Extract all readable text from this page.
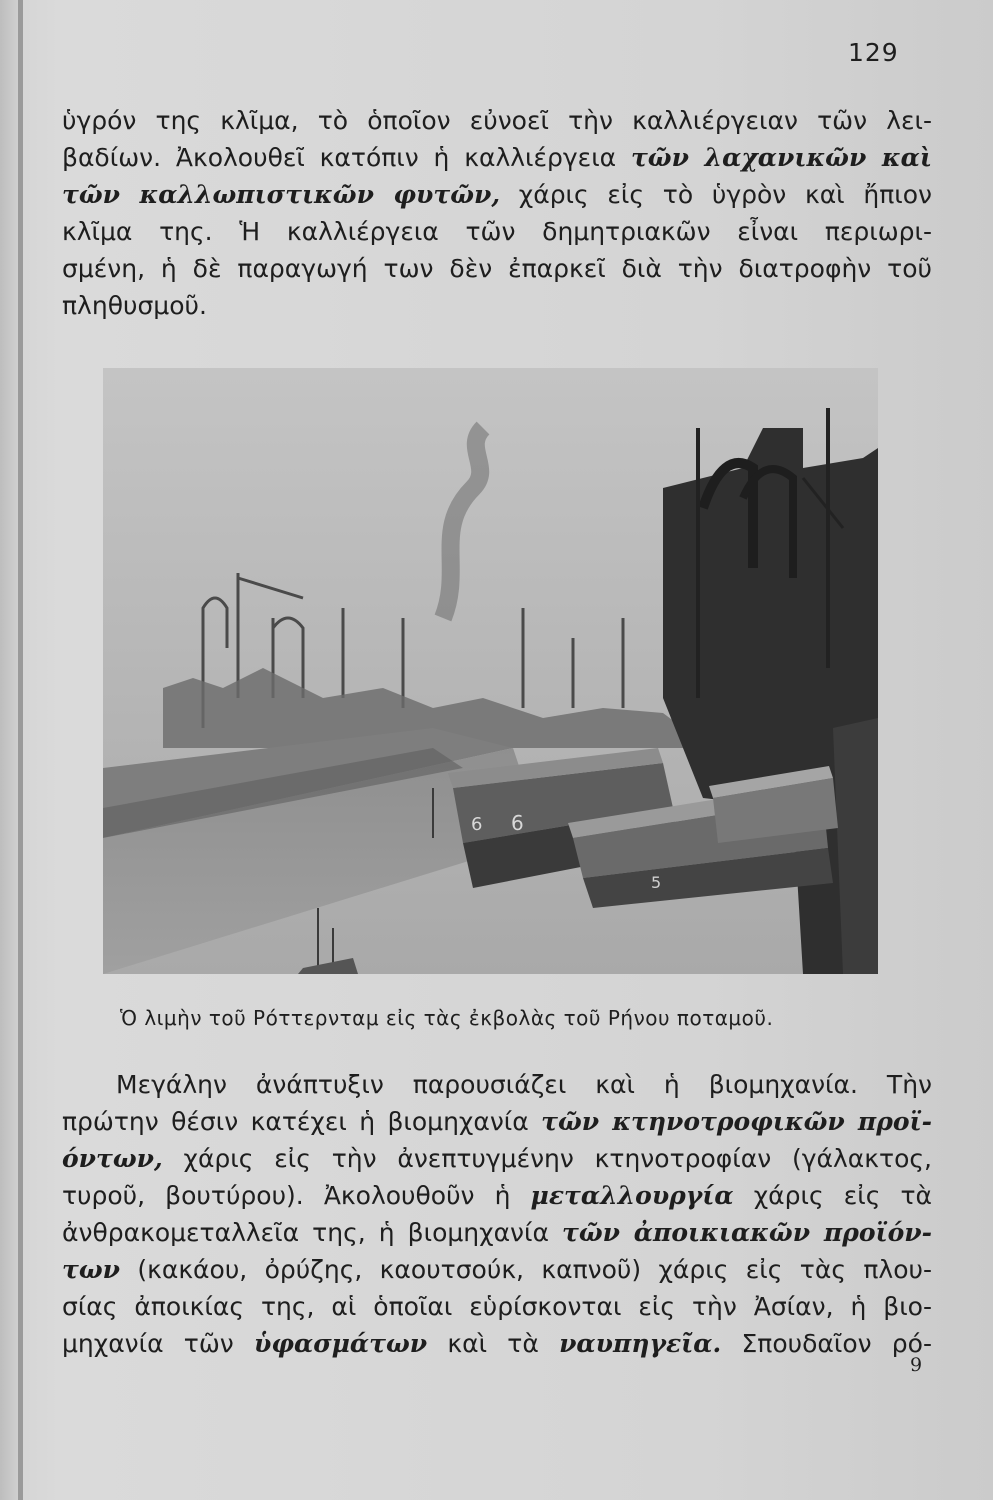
129
ὑγρόν της κλῖμα, τὸ ὁποῖον εὐνοεῖ τὴν καλλιέργειαν τῶν λει-
βαδίων. Ἀκολουθεῖ κατόπιν ἡ καλλιέργεια τῶν λαχανικῶν καὶ
τῶν καλλωπιστικῶν φυτῶν, χάρις εἰς τὸ ὑγρὸν καὶ ἤπιον
κλῖμα της. Ἡ καλλιέργεια τῶν δημητριακῶν εἶναι περιωρι-
σμένη, ἡ δὲ παραγωγή των δὲν ἐπαρκεῖ διὰ τὴν διατροφὴν τοῦ
πληθυσμοῦ.
6 6
5
Ὁ λιμὴν τοῦ Ρόττερνταμ εἰς τὰς ἐκβολὰς τοῦ Ρήνου ποταμοῦ.
Μεγάλην ἀνάπτυξιν παρουσιάζει καὶ ἡ βιομηχανία. Τὴν
πρώτην θέσιν κατέχει ἡ βιομηχανία τῶν κτηνοτροφικῶν προϊ-
όντων, χάρις εἰς τὴν ἀνεπτυγμένην κτηνοτροφίαν (γάλακτος,
τυροῦ, βουτύρου). Ἀκολουθοῦν ἡ μεταλλουργία χάρις εἰς τὰ
ἀνθρακομεταλλεῖα της, ἡ βιομηχανία τῶν ἀποικιακῶν προϊόν-
των (κακάου, ὀρύζης, καουτσούκ, καπνοῦ) χάρις εἰς τὰς πλου-
σίας ἀποικίας της, αἱ ὁποῖαι εὑρίσκονται εἰς τὴν Ἀσίαν, ἡ βιο-
μηχανία τῶν ὑφασμάτων καὶ τὰ ναυπηγεῖα. Σπουδαῖον ρό-
9
